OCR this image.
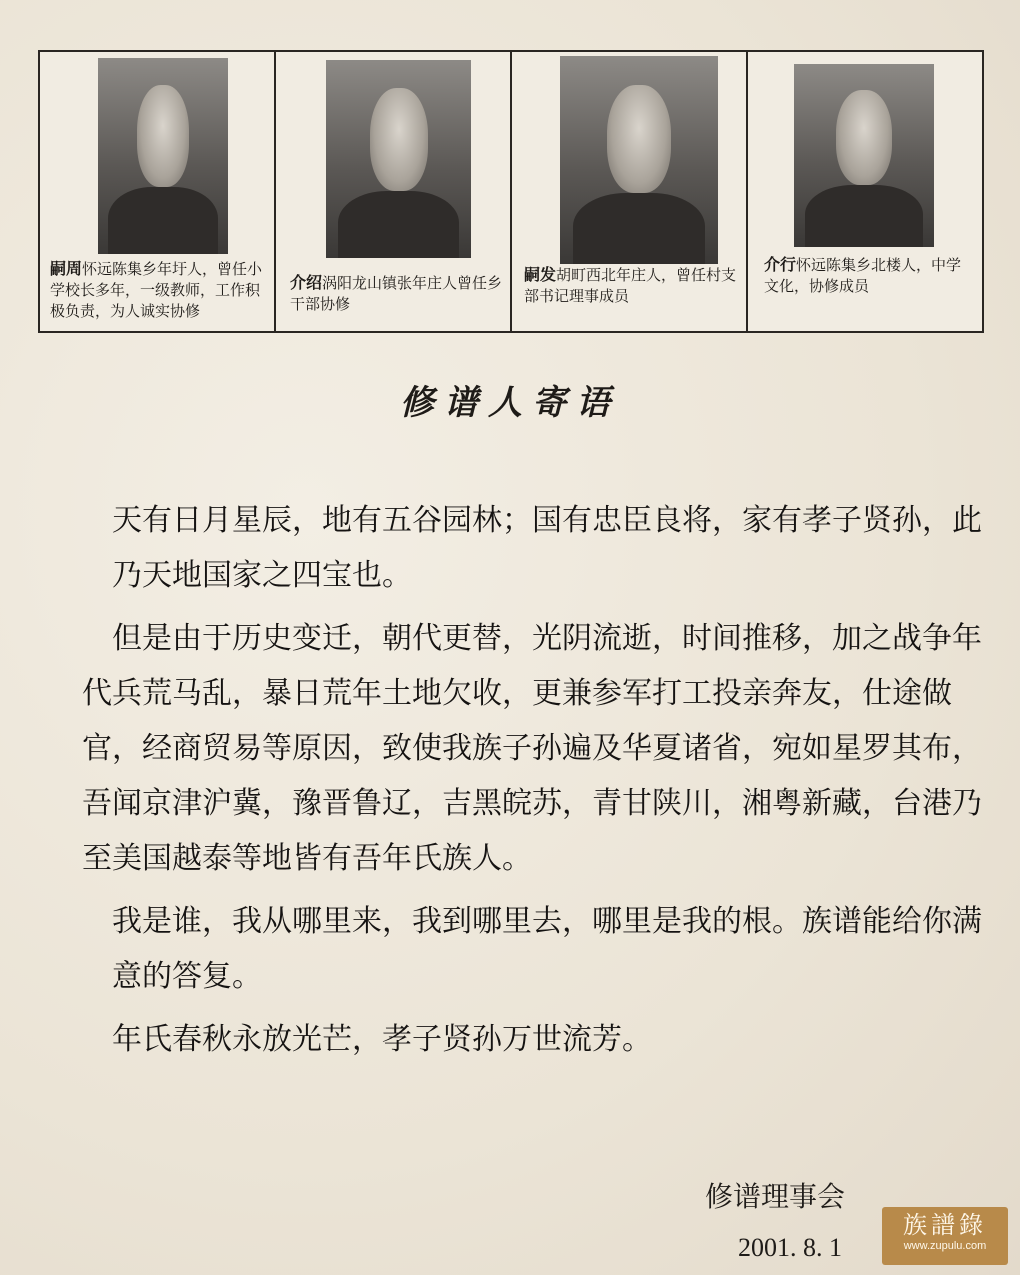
嗣周怀远陈集乡年圩人，曾任小学校长多年，一级教师，工作积极负责，为人诚实协修
介绍涡阳龙山镇张年庄人曾任乡干部协修
嗣发胡町西北年庄人，曾任村支部书记理事成员
介行怀远陈集乡北楼人，中学文化，协修成员
修谱人寄语

天有日月星辰，地有五谷园林；国有忠臣良将，家有孝子贤孙，此乃天地国家之四宝也。

但是由于历史变迁，朝代更替，光阴流逝，时间推移，加之战争年代兵荒马乱，暴日荒年土地欠收，更兼参军打工投亲奔友，仕途做官，经商贸易等原因，致使我族子孙遍及华夏诸省，宛如星罗其布，吾闻京津沪冀，豫晋鲁辽，吉黑皖苏，青甘陕川，湘粤新藏，台港乃至美国越泰等地皆有吾年氏族人。

我是谁，我从哪里来，我到哪里去，哪里是我的根。族谱能给你满意的答复。

年氏春秋永放光芒，孝子贤孙万世流芳。

修谱理事会
2001. 8. 1
族譜錄
www.zupulu.com
